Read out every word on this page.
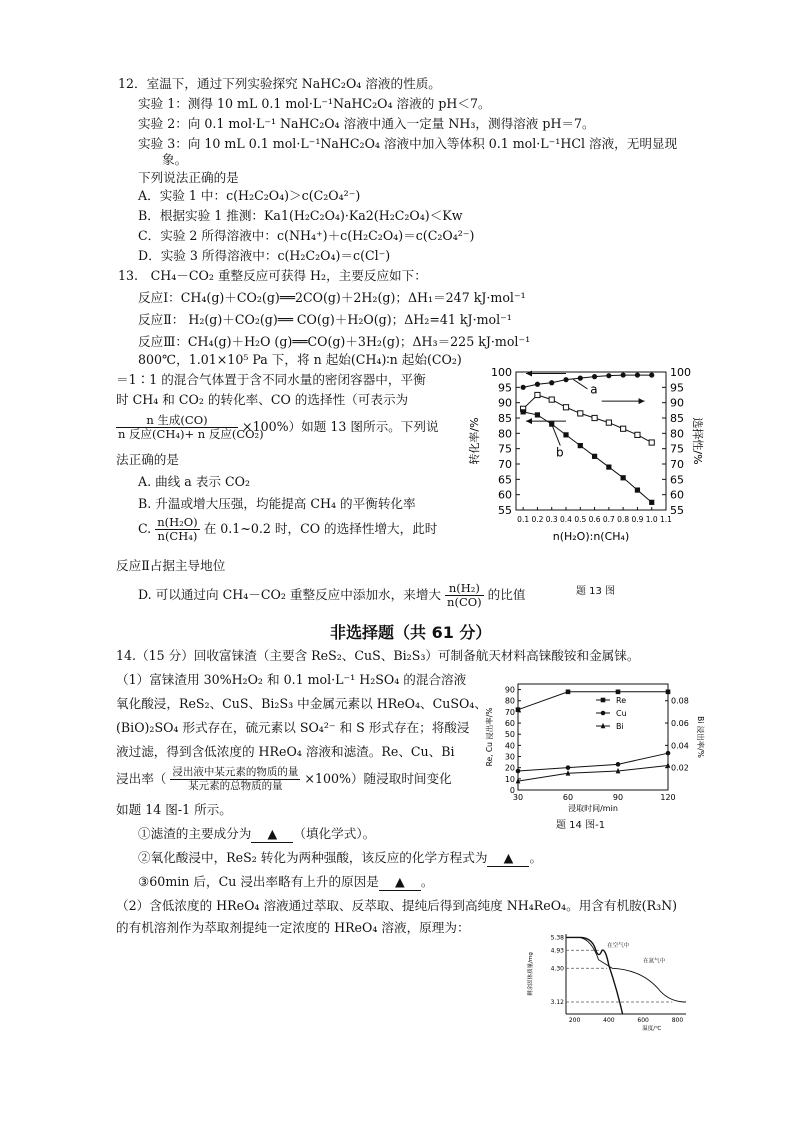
12．室温下，通过下列实验探究 NaHC₂O₄ 溶液的性质。
实验 1：测得 10 mL 0.1 mol·L⁻¹NaHC₂O₄ 溶液的 pH＜7。
实验 2：向 0.1 mol·L⁻¹ NaHC₂O₄ 溶液中通入一定量 NH₃，测得溶液 pH＝7。
实验 3：向 10 mL 0.1 mol·L⁻¹NaHC₂O₄ 溶液中加入等体积 0.1 mol·L⁻¹HCl 溶液，无明显现
象。
下列说法正确的是
A．实验 1 中：c(H₂C₂O₄)＞c(C₂O₄²⁻)
B．根据实验 1 推测：Ka1(H₂C₂O₄)·Ka2(H₂C₂O₄)＜Kw
C．实验 2 所得溶液中：c(NH₄⁺)＋c(H₂C₂O₄)＝c(C₂O₄²⁻)
D．实验 3 所得溶液中：c(H₂C₂O₄)＝c(Cl⁻)
13.　CH₄－CO₂ 重整反应可获得 H₂，主要反应如下：
反应Ⅰ：CH₄(g)＋CO₂(g)══2CO(g)＋2H₂(g)；ΔH₁＝247 kJ·mol⁻¹
反应Ⅱ： H₂(g)＋CO₂(g)══ CO(g)＋H₂O(g)；ΔH₂=41 kJ·mol⁻¹
反应Ⅲ：CH₄(g)＋H₂O (g)══CO(g)＋3H₂(g)；ΔH₃＝225 kJ·mol⁻¹
800℃，1.01×10⁵ Pa 下，将 n 起始(CH₄)∶n 起始(CO₂)
＝1∶1 的混合气体置于含不同水量的密闭容器中，平衡
时 CH₄ 和 CO₂ 的转化率、CO 的选择性（可表示为
$\frac{\text{n 生成(CO)}}{\text{n 反应(CH₄)+ n 反应(CO₂)}} \times 100\%$）如题 13 图所示。下列说
法正确的是
A. 曲线 a 表示 CO₂
B. 升温或增大压强，均能提高 CH₄ 的平衡转化率
C. $\frac{\text{n(H₂O)}}{\text{n(CH₄)}}$ 在 0.1~0.2 时，CO 的选择性增大，此时
反应Ⅱ占据主导地位
D. 可以通过向 CH₄－CO₂ 重整反应中添加水，来增大 $\frac{\text{n(H₂)}}{n(CO)}$ 的比值
55	55
60	60
65	65
70	70
75	75
80	80
85	85
90	90
95	95
100	100
0.1 0.2 0.3 0.4 0.5 0.6 0.7 0.8 0.9 1.0 1.1
n(H₂O):n(CH₄)
转化率/%	选择性/%
a
b
题 13 图
非选择题（共 61 分）
14.（15 分）回收富铼渣（主要含 ReS₂、CuS、Bi₂S₃）可制备航天材料高铼酸铵和金属铼。
（1）富铼渣用 30%H₂O₂ 和 0.1 mol·L⁻¹ H₂SO₄ 的混合溶液
氧化酸浸，ReS₂、CuS、Bi₂S₃ 中金属元素以 HReO₄、CuSO₄、
(BiO)₂SO₄ 形式存在，硫元素以 SO₄²⁻ 和 S 形式存在；将酸浸
液过滤，得到含低浓度的 HReO₄ 溶液和滤渣。Re、Cu、Bi
浸出率（ $\frac{\text{浸出液中某元素的物质的量}}{\text{某元素的总物质的量}} \times 100\%$）随浸取时间变化
如题 14 图-1 所示。
①滤渣的主要成分为 ▲ （填化学式）。
②氧化酸浸中，ReS₂ 转化为两种强酸，该反应的化学方程式为 ▲ 。
③60min 后，Cu 浸出率略有上升的原因是 ▲ 。
（2）含低浓度的 HReO₄ 溶液通过萃取、反萃取、提纯后得到高纯度 NH₄ReO₄。用含有机胺(R₃N)
的有机溶剂作为萃取剂提纯一定浓度的 HReO₄ 溶液，原理为：
0
10
20
30
40
50
60
70
80
90
0.02
0.04
0.06
0.08
30	60	90	120
浸取时间/min
Re, Cu 浸出率/%	Bi 浸出率/%
Re
Cu
Bi
题 14 图-1
5.38
4.93
4.30
3.12
200	400	600	800
温度/℃
剩余固体质量/mg
在空气中
在氮气中
